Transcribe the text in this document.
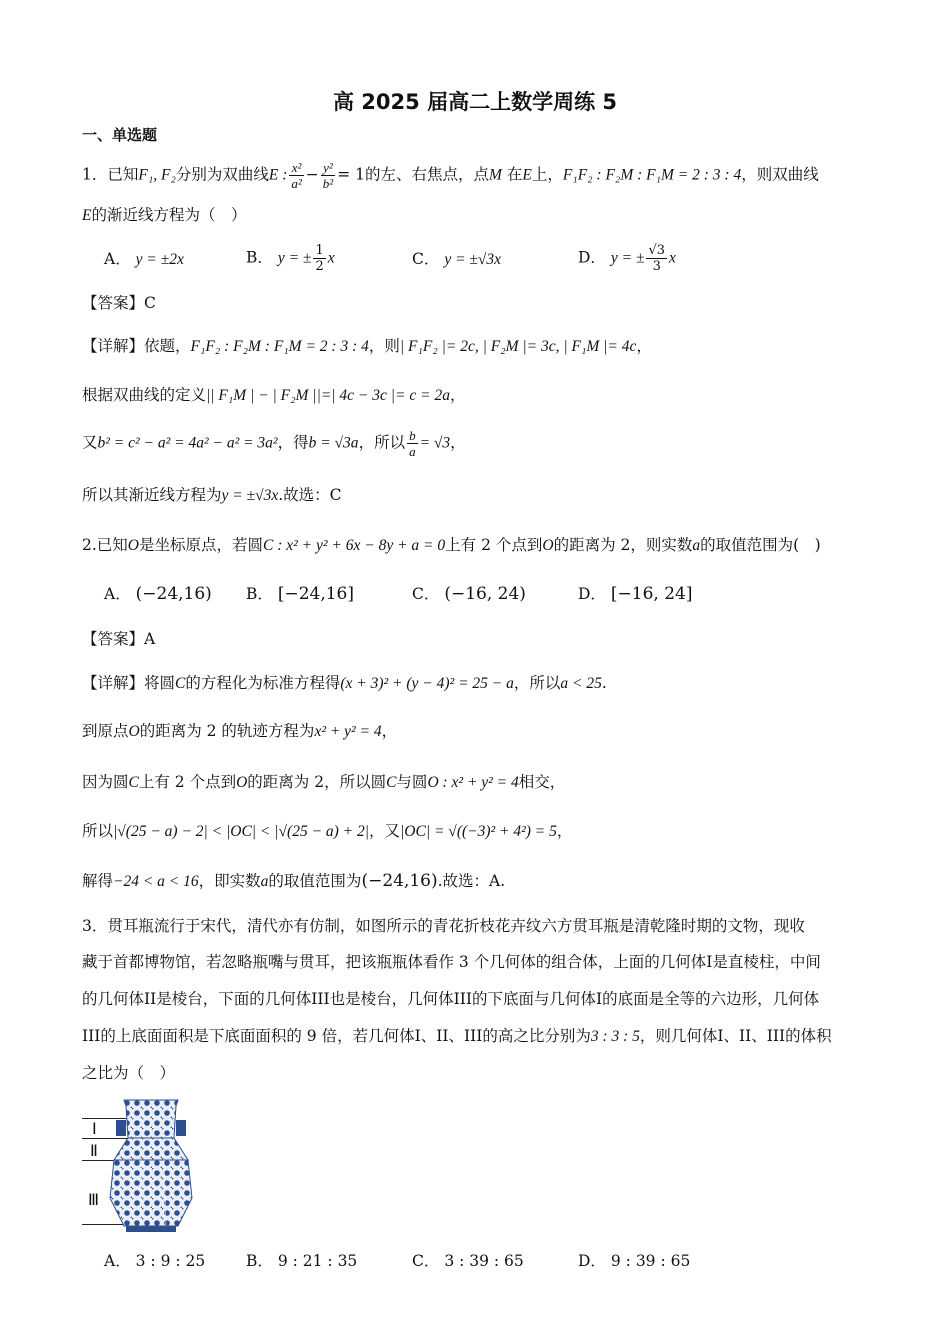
高 2025 届高二上数学周练 5
一、单选题
1．已知F₁, F₂分别为双曲线E : $\frac{\text{x²}}{\text{a²}} - \frac{\text{y²}}{\text{b²}} = 1$的左、右焦点，点M 在E上，F₁F₂ : F₂M : F₁M = 2 : 3 : 4，则双曲线
E的渐近线方程为（　）
A． y = ±2x	B． y = ± $\frac{1}{2}$ x	C． y = ±√3x	D． y = ± $\frac{√3}{3}$ x
【答案】C
【详解】依题，F₁F₂ : F₂M : F₁M = 2 : 3 : 4，则| F₁F₂ |= 2c, | F₂M |= 3c, | F₁M |= 4c，
根据双曲线的定义|| F₁M | − | F₂M ||=| 4c − 3c |= c = 2a，
又b² = c² − a² = 4a² − a² = 3a²，得b = √3a，所以 $\frac{b}{a} = √3$，
所以其渐近线方程为y = ±√3x.故选：C
2.已知O是坐标原点，若圆C : x² + y² + 6x − 8y + a = 0上有 2 个点到O的距离为 2，则实数a的取值范围为(　)
A． (−24,16) B． [−24,16]	C． (−16, 24)	D． [−16, 24]
【答案】A
【详解】将圆C的方程化为标准方程得(x + 3)² + (y − 4)² = 25 − a，所以a < 25.
到原点O的距离为 2 的轨迹方程为x² + y² = 4，
因为圆C上有 2 个点到O的距离为 2，所以圆C与圆O : x² + y² = 4相交，
所以|√(25 − a) − 2| < |OC| < |√(25 − a) + 2|，又|OC| = √((−3)² + 4²) = 5，
解得−24 < a < 16，即实数a的取值范围为(−24,16).故选：A.
3．贯耳瓶流行于宋代，清代亦有仿制，如图所示的青花折枝花卉纹六方贯耳瓶是清乾隆时期的文物，现收
藏于首都博物馆，若忽略瓶嘴与贯耳，把该瓶瓶体看作 3 个几何体的组合体，上面的几何体I是直棱柱，中间
的几何体II是棱台，下面的几何体III也是棱台，几何体III的下底面与几何体I的底面是全等的六边形，几何体
III的上底面面积是下底面面积的 9 倍，若几何体I、II、III的高之比分别为3 : 3 : 5，则几何体I、II、III的体积
之比为（　）
Ⅰ
Ⅱ
Ⅲ
A． 3 : 9 : 25	B． 9 : 21 : 35	C． 3 : 39 : 65	D． 9 : 39 : 65
